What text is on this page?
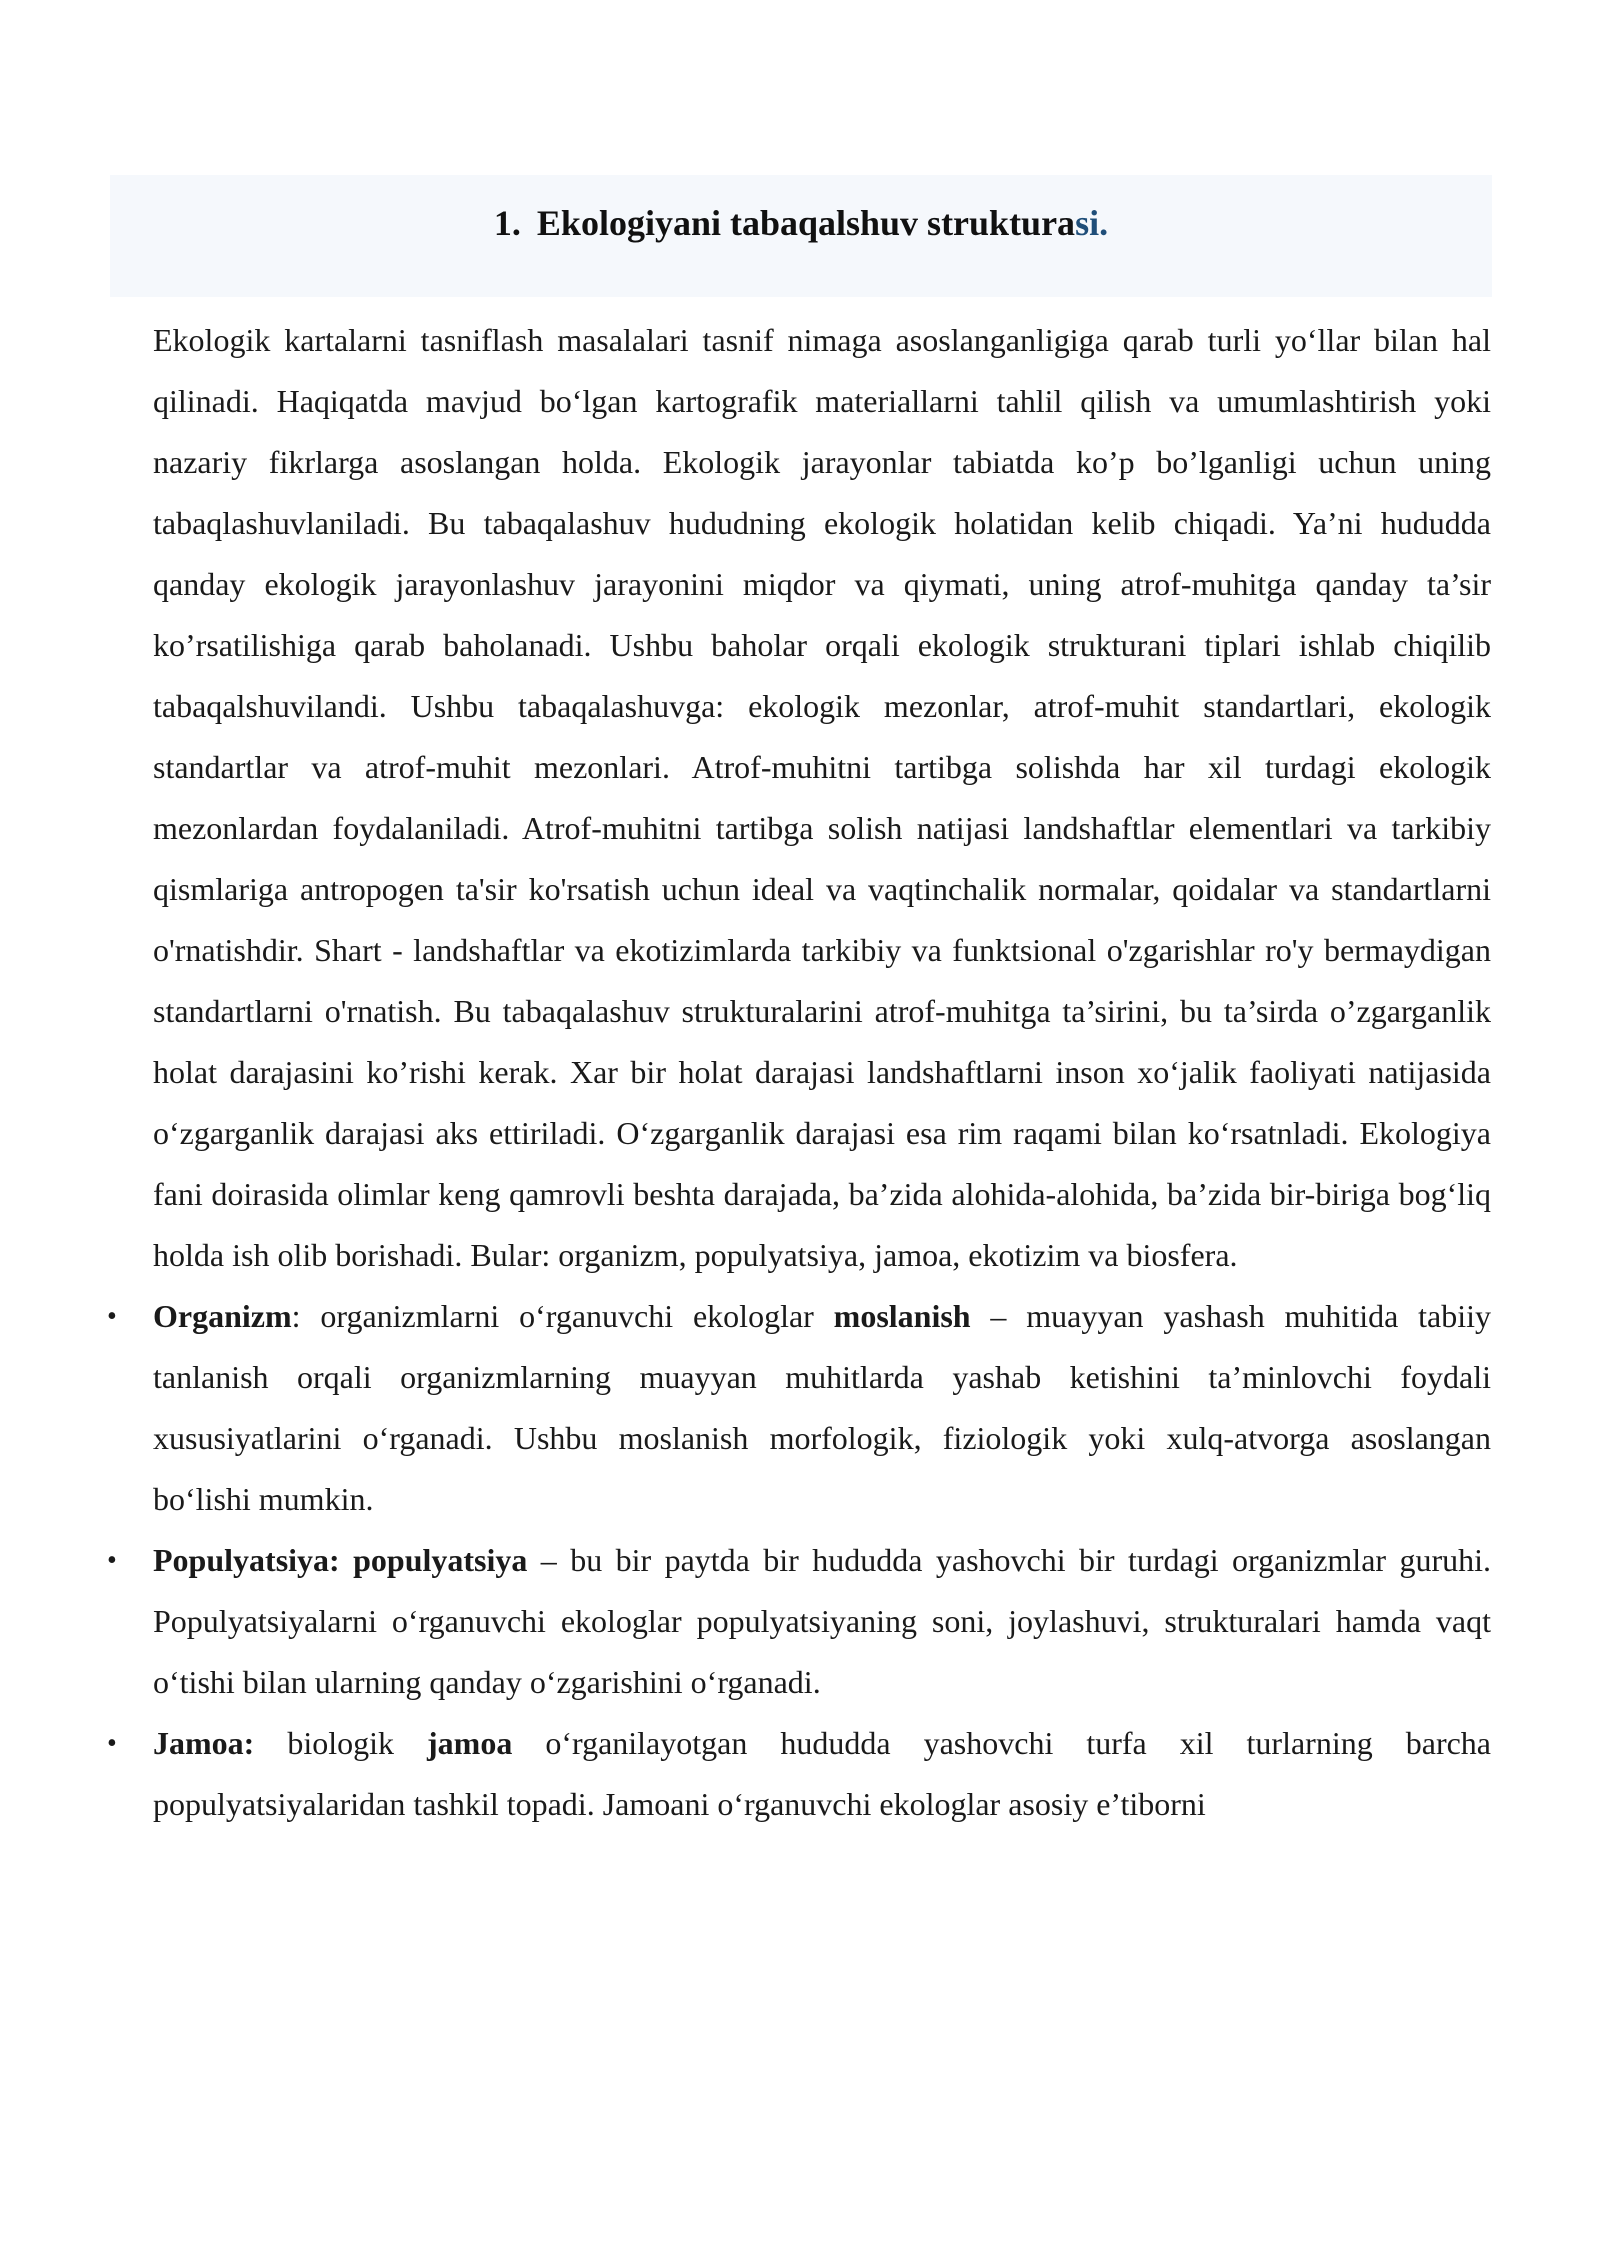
1. Ekologiyani tabaqalshuv strukturasi.

Ekologik kartalarni tasniflash masalalari tasnif nimaga asoslanganligiga qarab turli yo‘llar bilan hal qilinadi. Haqiqatda mavjud bo‘lgan kartografik materiallarni tahlil qilish va umumlashtirish yoki nazariy fikrlarga asoslangan holda. Ekologik jarayonlar tabiatda ko’p bo’lganligi uchun uning tabaqlashuvlaniladi. Bu tabaqalashuv hududning ekologik holatidan kelib chiqadi. Ya’ni hududda qanday ekologik jarayonlashuv jarayonini miqdor va qiymati, uning atrof-muhitga qanday ta’sir ko’rsatilishiga qarab baholanadi. Ushbu baholar orqali ekologik strukturani tiplari ishlab chiqilib tabaqalshuvilandi. Ushbu tabaqalashuvga: ekologik mezonlar, atrof-muhit standartlari, ekologik standartlar va atrof-muhit mezonlari. Atrof-muhitni tartibga solishda har xil turdagi ekologik mezonlardan foydalaniladi. Atrof-muhitni tartibga solish natijasi landshaftlar elementlari va tarkibiy qismlariga antropogen ta'sir ko'rsatish uchun ideal va vaqtinchalik normalar, qoidalar va standartlarni o'rnatishdir. Shart - landshaftlar va ekotizimlarda tarkibiy va funktsional o'zgarishlar ro'y bermaydigan standartlarni o'rnatish. Bu tabaqalashuv strukturalarini atrof-muhitga ta’sirini, bu ta’sirda o’zgarganlik holat darajasini ko’rishi kerak. Xar bir holat darajasi landshaftlarni inson xo‘jalik faoliyati natijasida o‘zgarganlik darajasi aks ettiriladi. O‘zgarganlik darajasi esa rim raqami bilan ko‘rsatnladi. Ekologiya fani doirasida olimlar keng qamrovli beshta darajada, ba’zida alohida-alohida, ba’zida bir-biriga bog‘liq holda ish olib borishadi. Bular: organizm, populyatsiya, jamoa, ekotizim va biosfera.

• Organizm: organizmlarni o‘rganuvchi ekologlar moslanish – muayyan yashash muhitida tabiiy tanlanish orqali organizmlarning muayyan muhitlarda yashab ketishini ta’minlovchi foydali xususiyatlarini o‘rganadi. Ushbu moslanish morfologik, fiziologik yoki xulq-atvorga asoslangan bo‘lishi mumkin.
• Populyatsiya: populyatsiya – bu bir paytda bir hududda yashovchi bir turdagi organizmlar guruhi. Populyatsiyalarni o‘rganuvchi ekologlar populyatsiyaning soni, joylashuvi, strukturalari hamda vaqt o‘tishi bilan ularning qanday o‘zgarishini o‘rganadi.
• Jamoa: biologik jamoa o‘rganilayotgan hududda yashovchi turfa xil turlarning barcha populyatsiyalaridan tashkil topadi. Jamoani o‘rganuvchi ekologlar asosiy e’tiborni
